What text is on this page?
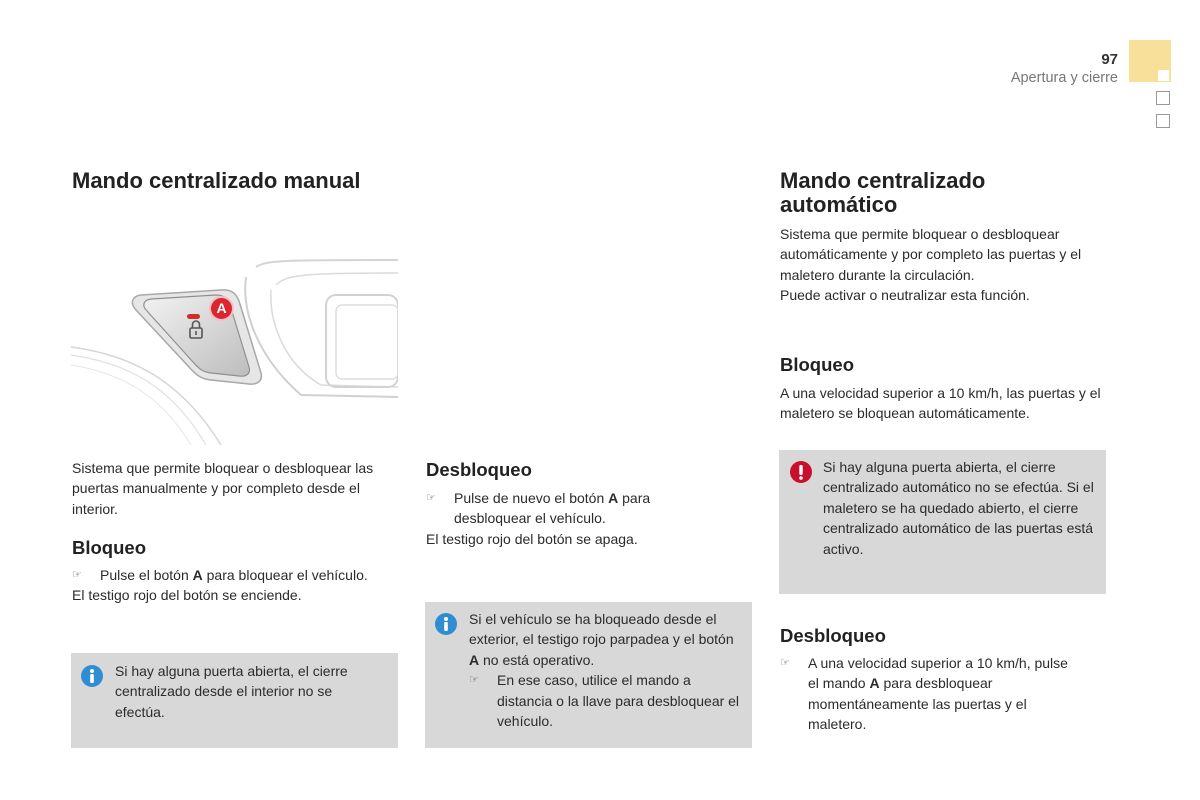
97
Apertura y cierre
Mando centralizado manual
A
Sistema que permite bloquear o desbloquear las puertas manualmente y por completo desde el interior.
Bloqueo
☞ Pulse el botón A para bloquear el vehículo.
El testigo rojo del botón se enciende.
Si hay alguna puerta abierta, el cierre centralizado desde el interior no se efectúa.
Desbloqueo
☞ Pulse de nuevo el botón A para desbloquear el vehículo.
El testigo rojo del botón se apaga.
Si el vehículo se ha bloqueado desde el exterior, el testigo rojo parpadea y el botón A no está operativo.
☞ En ese caso, utilice el mando a distancia o la llave para desbloquear el vehículo.
Mando centralizado automático
Sistema que permite bloquear o desbloquear automáticamente y por completo las puertas y el maletero durante la circulación.
Puede activar o neutralizar esta función.
Bloqueo
A una velocidad superior a 10 km/h, las puertas y el maletero se bloquean automáticamente.
Si hay alguna puerta abierta, el cierre centralizado automático no se efectúa. Si el maletero se ha quedado abierto, el cierre centralizado automático de las puertas está activo.
Desbloqueo
☞ A una velocidad superior a 10 km/h, pulse el mando A para desbloquear momentáneamente las puertas y el maletero.
